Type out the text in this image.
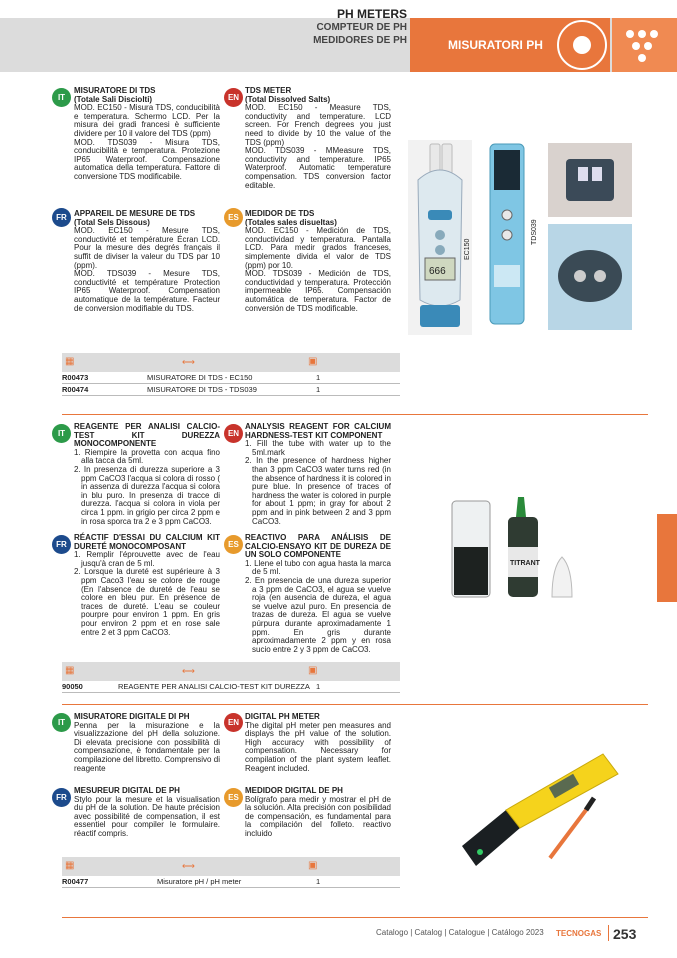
PH METERS
COMPTEUR DE PH
MEDIDORES DE PH	MISURATORI PH
IT
MISURATORE DI TDS
(Totale Sali Disciolti)
MOD. EC150 - Misura TDS, conducibilità e temperatura. Schermo LCD. Per la misura dei gradi francesi è sufficiente dividere per 10 il valore del TDS (ppm)
MOD. TDS039 - Misura TDS, conducibilità e temperatura. Protezione IP65 Waterproof. Compensazione automatica della temperatura. Fattore di conversione TDS modificabile.
EN
TDS METER
(Total Dissolved Salts)
MOD. EC150 - Measure TDS, conductivity and temperature. LCD screen. For French degrees you just need to divide by 10 the value of the TDS (ppm)
MOD. TDS039 - MMeasure TDS, conductivity and temperature. IP65 Waterproof. Automatic temperature compensation. TDS conversion factor editable.
FR APPAREIL DE MESURE DE TDS
(Total Sels Dissous)
MOD. EC150 - Mesure TDS, conductivité et température Écran LCD. Pour la mesure des degrés français il suffit de diviser la valeur du TDS par 10 (ppm).
MOD. TDS039 - Mesure TDS, conductivité et température Protection IP65 Waterproof. Compensation automatique de la température. Facteur de conversion modifiable du TDS.
ES MEDIDOR DE TDS
(Totales sales disueltas)
MOD. EC150 - Medición de TDS, conductividad y temperatura. Pantalla LCD. Para medir grados franceses, simplemente divida el valor de TDS (ppm) por 10.
MOD. TDS039 - Medición de TDS, conductividad y temperatura. Protección impermeable IP65. Compensación automática de temperatura. Factor de conversión de TDS modificable.
666
EC150
TDS039
▦	⟷	▣
R00473	MISURATORE DI TDS - EC150	1
R00474	MISURATORE DI TDS - TDS039	1
IT
REAGENTE PER ANALISI CALCIO-TEST KIT DUREZZA MONOCOMPONENTE
1. Riempire la provetta con acqua fino alla tacca da 5ml.
2. In presenza di durezza superiore a 3 ppm CaCO3 l'acqua si colora di rosso ( in assenza di durezza l'acqua si colora in blu puro. In presenza di tracce di durezza. l'acqua si colora in viola per circa 1 ppm. in grigio per circa 2 ppm e in rosa sporca tra 2 e 3 ppm CaCO3.
EN
ANALYSIS REAGENT FOR CALCIUM HARDNESS-TEST KIT COMPONENT
1. Fill the tube with water up to the 5ml.mark
2. In the presence of hardness higher than 3 ppm CaCO3 water turns red (in the absence of hardness it is colored in pure blue. In presence of traces of hardness the water is colored in purple for about 1 ppm; in gray for about 2 ppm and in pink between 2 and 3 ppm CaCO3.
FR
RÉACTIF D'ESSAI DU CALCIUM KIT DURETÉ MONOCOMPOSANT
1. Remplir l'éprouvette avec de l'eau jusqu'à cran de 5 ml.
2. Lorsque la dureté est supérieure à 3 ppm Caco3 l'eau se colore de rouge (En l'absence de dureté de l'eau se colore en bleu pur. En présence de traces de dureté. L'eau se couleur pourpre pour environ 1 ppm. En gris pour environ 2 ppm et en rose sale entre 2 et 3 ppm CaCO3.
ES
REACTIVO PARA ANÁLISIS DE CALCIO-ENSAYO KIT DE DUREZA DE UN SOLO COMPONENTE
1. Llene el tubo con agua hasta la marca de 5 ml.
2. En presencia de una dureza superior a 3 ppm de CaCO3, el agua se vuelve roja (en ausencia de dureza, el agua se vuelve azul puro. En presencia de trazas de dureza. El agua se vuelve púrpura durante aproximadamente 1 ppm. En gris durante aproximadamente 2 ppm y en rosa sucio entre 2 y 3 ppm de CaCO3.
TITRANT
▦	⟷	▣
90050	REAGENTE PER ANALISI CALCIO-TEST KIT DUREZZA 1
IT
MISURATORE DIGITALE DI PH
Penna per la misurazione e la visualizzazione del pH della soluzione. Di elevata precisione con possibilità di compensazione, è fondamentale per la compilazione del libretto. Comprensivo di reagente
EN
DIGITAL PH METER
The digital pH meter pen measures and displays the pH value of the solution. High accuracy with possibility of compensation. Necessary for compilation of the plant system leaflet. Reagent included.
FR
MESUREUR DIGITAL DE PH
Stylo pour la mesure et la visualisation du pH de la solution. De haute précision avec possibilité de compensation, il est essentiel pour compiler le formulaire. réactif compris.
ES
MEDIDOR DIGITAL DE PH
Bolígrafo para medir y mostrar el pH de la solución. Alta precisión con posibilidad de compensación, es fundamental para la compilación del folleto. reactivo incluido
▦	⟷	▣
R00477	Misuratore pH / pH meter	1
Catalogo | Catalog | Catalogue | Catálogo 2023 TECNOGAS 253
